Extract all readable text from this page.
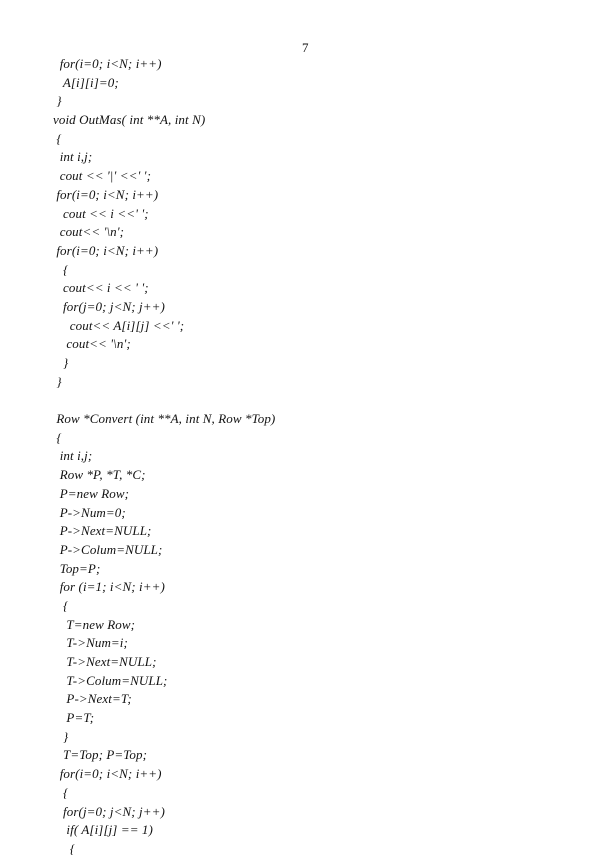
7
for(i=0; i<N; i++)
A[i][i]=0;
}
void OutMas( int **A, int N)
{
int i,j;
cout << '|' <<' ';
for(i=0; i<N; i++)
cout << i <<' ';
cout<< '\n';
for(i=0; i<N; i++)
{
cout<< i << ' ';
for(j=0; j<N; j++)
cout<< A[i][j] <<' ';
cout<< '\n';
}
}
Row *Convert (int **A, int N, Row *Top)
{
int i,j;
Row *P, *T, *C;
P=new Row;
P->Num=0;
P->Next=NULL;
P->Colum=NULL;
Top=P;
for (i=1; i<N; i++)
{
T=new Row;
T->Num=i;
T->Next=NULL;
T->Colum=NULL;
P->Next=T;
P=T;
}
T=Top; P=Top;
for(i=0; i<N; i++)
{
for(j=0; j<N; j++)
if( A[i][j] == 1)
{
